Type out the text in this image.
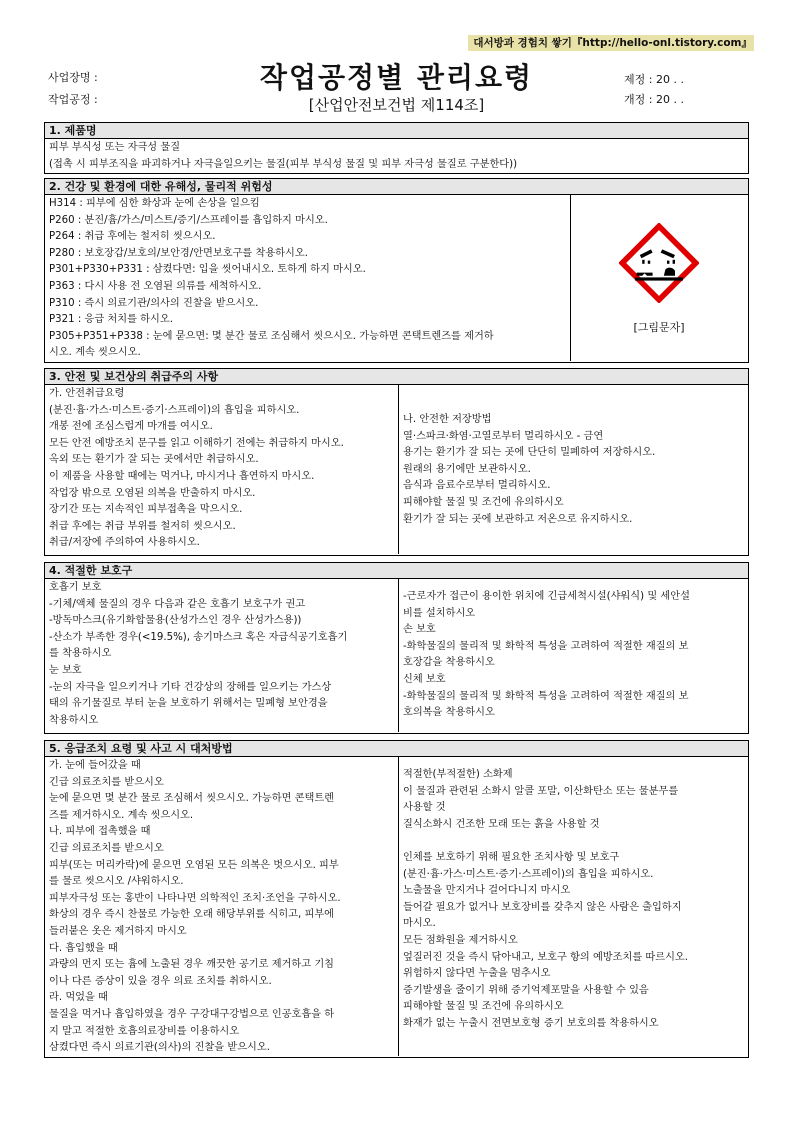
대서방과 경험치 쌓기『http://hello-onl.tistory.com』
사업장명 :
작업공정 :
제정 : 20 . .
개정 : 20 . .
작업공정별 관리요령
[산업안전보건법 제114조]
1. 제품명

피부 부식성 또는 자극성 물질

(접촉 시 피부조직을 파괴하거나 자극을일으키는 물질(피부 부식성 물질 및 피부 자극성 물질로 구분한다))

2. 건강 및 환경에 대한 유해성, 물리적 위험성

H314 : 피부에 심한 화상과 눈에 손상을 일으킴

P260 : 분진/흄/가스/미스트/증기/스프레이를 흡입하지 마시오.

P264 : 취급 후에는 철저히 씻으시오.

P280 : 보호장갑/보호의/보안경/안면보호구를 착용하시오.

P301+P330+P331 : 삼켰다면: 입을 씻어내시오. 토하게 하지 마시오.

P363 : 다시 사용 전 오염된 의류를 세척하시오.

P310 : 즉시 의료기관/의사의 진찰을 받으시오.

P321 : 응급 처치를 하시오.

P305+P351+P338 : 눈에 묻으면: 몇 분간 물로 조심해서 씻으시오. 가능하면 콘택트렌즈를 제거하

시오. 계속 씻으시오.

[그림문자]
3. 안전 및 보건상의 취급주의 사항

가. 안전취급요령

(분진·흄·가스·미스트·증기·스프레이)의 흡입을 피하시오.

개봉 전에 조심스럽게 마개를 여시오.

모든 안전 예방조치 문구를 읽고 이해하기 전에는 취급하지 마시오.

옥외 또는 환기가 잘 되는 곳에서만 취급하시오.

이 제품을 사용할 때에는 먹거나, 마시거나 흡연하지 마시오.

작업장 밖으로 오염된 의복을 반출하지 마시오.

장기간 또는 지속적인 피부접촉을 막으시오.

취급 후에는 취급 부위를 철저히 씻으시오.

취급/저장에 주의하여 사용하시오.

나. 안전한 저장방법

열·스파크·화염·고열로부터 멀리하시오 - 금연

용기는 환기가 잘 되는 곳에 단단히 밀폐하여 저장하시오.

원래의 용기에만 보관하시오.

음식과 음료수로부터 멀리하시오.

피해야할 물질 및 조건에 유의하시오

환기가 잘 되는 곳에 보관하고 저온으로 유지하시오.

4. 적절한 보호구

호흡기 보호

-기체/액체 물질의 경우 다음과 같은 호흡기 보호구가 권고

-방독마스크(유기화합물용(산성가스인 경우 산성가스용))

-산소가 부족한 경우(<19.5%), 송기마스크 혹은 자급식공기호흡기

를 착용하시오

눈 보호

-눈의 자극을 일으키거나 기타 건강상의 장해를 일으키는 가스상

태의 유기물질로 부터 눈을 보호하기 위해서는 밀폐형 보안경을

착용하시오

-근로자가 접근이 용이한 위치에 긴급세척시설(샤워식) 및 세안설

비를 설치하시오

손 보호

-화학물질의 물리적 및 화학적 특성을 고려하여 적절한 재질의 보

호장갑을 착용하시오

신체 보호

-화학물질의 물리적 및 화학적 특성을 고려하여 적절한 재질의 보

호의복을 착용하시오

5. 응급조치 요령 및 사고 시 대처방법

가. 눈에 들어갔을 때

긴급 의료조치를 받으시오

눈에 묻으면 몇 분간 물로 조심해서 씻으시오. 가능하면 콘택트렌

즈를 제거하시오. 계속 씻으시오.

나. 피부에 접촉했을 때

긴급 의료조치를 받으시오

피부(또는 머리카락)에 묻으면 오염된 모든 의복은 벗으시오. 피부

를 물로 씻으시오 /샤워하시오.

피부자극성 또는 홍반이 나타나면 의학적인 조치·조언을 구하시오.

화상의 경우 즉시 찬물로 가능한 오래 해당부위를 식히고, 피부에

들러붙은 옷은 제거하지 마시오

다. 흡입했을 때

과량의 먼지 또는 흄에 노출된 경우 깨끗한 공기로 제거하고 기침

이나 다른 증상이 있을 경우 의료 조치를 취하시오.

라. 먹었을 때

물질을 먹거나 흡입하였을 경우 구강대구강법으로 인공호흡을 하

지 말고 적절한 호흡의료장비를 이용하시오

삼켰다면 즉시 의료기관(의사)의 진찰을 받으시오.

적절한(부적절한) 소화제

이 물질과 관련된 소화시 알콜 포말, 이산화탄소 또는 물분무를

사용할 것

질식소화시 건조한 모래 또는 흙을 사용할 것

인체를 보호하기 위해 필요한 조치사항 및 보호구

(분진·흄·가스·미스트·증기·스프레이)의 흡입을 피하시오.

노출물을 만지거나 걸어다니지 마시오

들어갈 필요가 없거나 보호장비를 갖추지 않은 사람은 출입하지

마시오.

모든 점화원을 제거하시오

엎질러진 것을 즉시 닦아내고, 보호구 항의 예방조치를 따르시오.

위험하지 않다면 누출을 멈추시오

증기발생을 줄이기 위해 증기억제포말을 사용할 수 있음

피해야할 물질 및 조건에 유의하시오

화재가 없는 누출시 전면보호형 증기 보호의를 착용하시오
